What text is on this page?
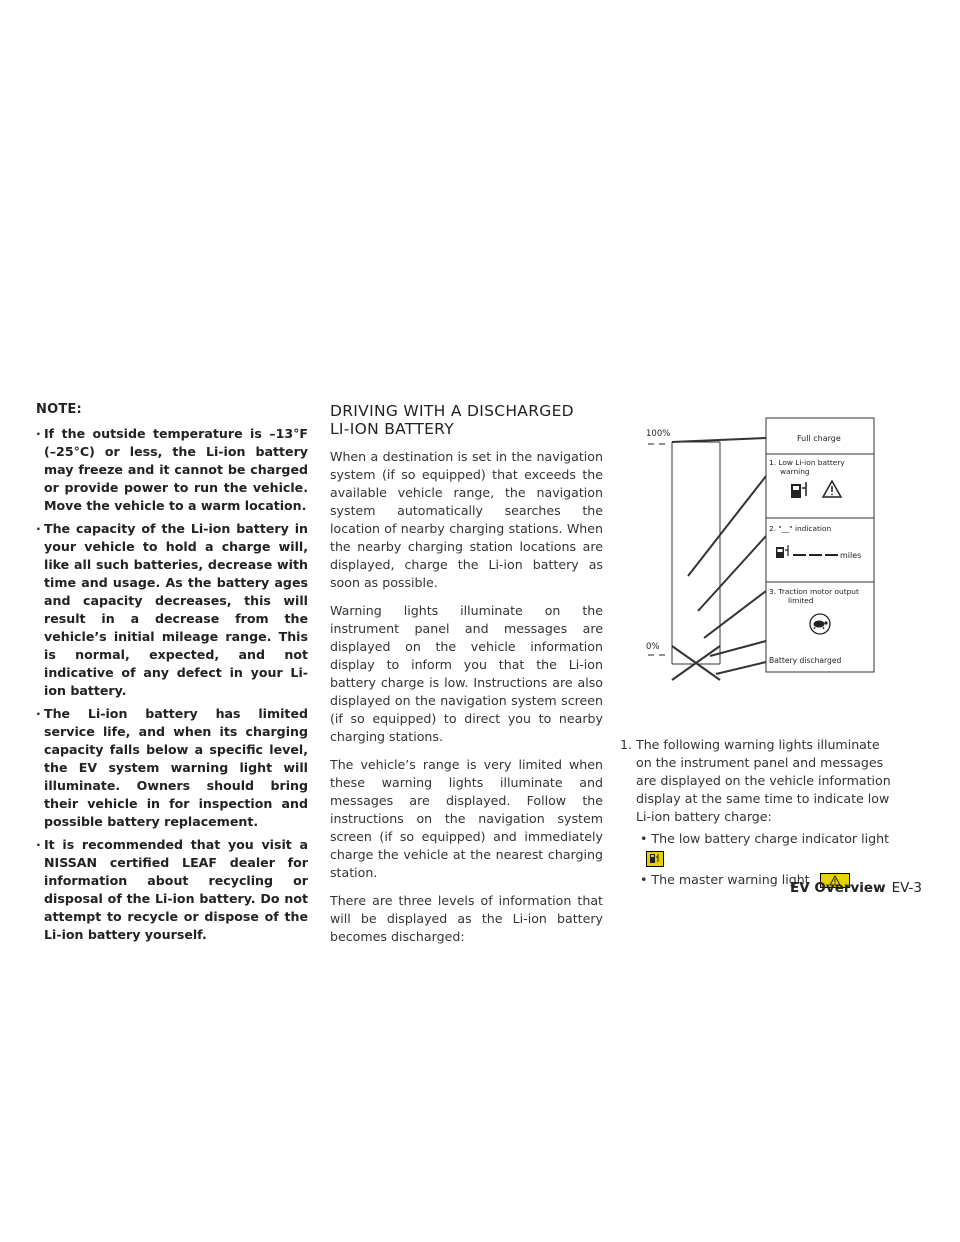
NOTE:
· If the outside temperature is –13°F (–25°C) or less, the Li-ion battery may freeze and it cannot be charged or provide power to run the vehicle. Move the vehicle to a warm location.
· The capacity of the Li-ion battery in your vehicle to hold a charge will, like all such batteries, decrease with time and usage. As the battery ages and capacity decreases, this will result in a decrease from the vehicle’s initial mileage range. This is normal, expected, and not indicative of any defect in your Li-ion battery.
· The Li-ion battery has limited service life, and when its charging capacity falls below a specific level, the EV system warning light will illuminate. Owners should bring their vehicle in for inspection and possible battery replacement.
· It is recommended that you visit a NISSAN certified LEAF dealer for information about recycling or disposal of the Li-ion battery. Do not attempt to recycle or dispose of the Li-ion battery yourself.
DRIVING WITH A DISCHARGED
LI-ION BATTERY

When a destination is set in the navigation system (if so equipped) that exceeds the available vehicle range, the navigation system automatically searches the location of nearby charging stations. When the nearby charging station locations are displayed, charge the Li-ion battery as soon as possible.

Warning lights illuminate on the instrument panel and messages are displayed on the vehicle information display to inform you that the Li-ion battery charge is low. Instructions are also displayed on the navigation system screen (if so equipped) to direct you to nearby charging stations.

The vehicle’s range is very limited when these warning lights illuminate and messages are displayed. Follow the instructions on the navigation system screen (if so equipped) and immediately charge the vehicle at the nearest charging station.

There are three levels of information that will be displayed as the Li-ion battery becomes discharged:

100%
0%
Full charge
1. Low Li-ion battery
warning
2. "__" indication
miles
3. Traction motor output
limited
Battery discharged
1. The following warning lights illuminate on the instrument panel and messages are displayed on the vehicle information display at the same time to indicate low Li-ion battery charge:
• The low battery charge indicator light

• The master warning light
EV Overview EV-3
